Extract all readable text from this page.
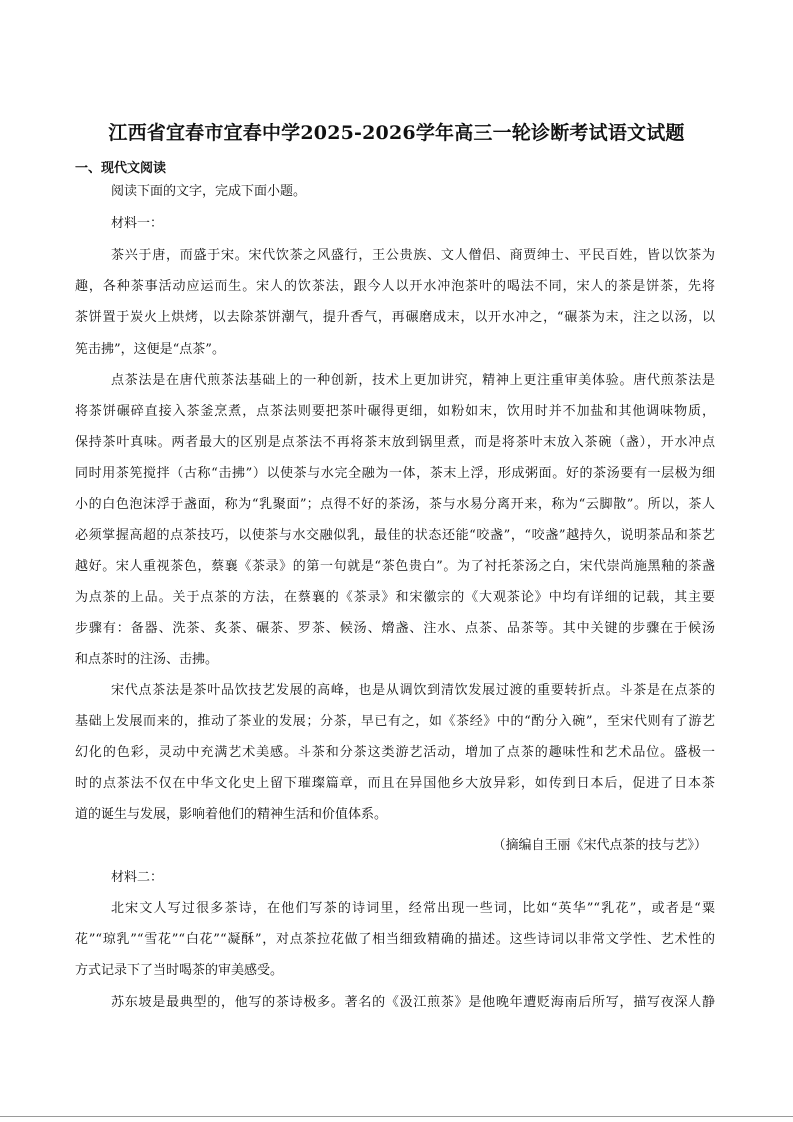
江西省宜春市宜春中学2025-2026学年高三一轮诊断考试语文试题
一、现代文阅读
阅读下面的文字，完成下面小题。
材料一：
茶兴于唐，而盛于宋。宋代饮茶之风盛行，王公贵族、文人僧侣、商贾绅士、平民百姓，皆以饮茶为
趣，各种茶事活动应运而生。宋人的饮茶法，跟今人以开水冲泡茶叶的喝法不同，宋人的茶是饼茶，先将
茶饼置于炭火上烘烤，以去除茶饼潮气，提升香气，再碾磨成末，以开水冲之，“碾茶为末，注之以汤，以
筅击拂”，这便是“点茶”。
点茶法是在唐代煎茶法基础上的一种创新，技术上更加讲究，精神上更注重审美体验。唐代煎茶法是
将茶饼碾碎直接入茶釜烹煮，点茶法则要把茶叶碾得更细，如粉如末，饮用时并不加盐和其他调味物质，
保持茶叶真味。两者最大的区别是点茶法不再将茶末放到锅里煮，而是将茶叶末放入茶碗（盏），开水冲点
同时用茶筅搅拌（古称“击拂”）以使茶与水完全融为一体，茶末上浮，形成粥面。好的茶汤要有一层极为细
小的白色泡沫浮于盏面，称为“乳聚面”；点得不好的茶汤，茶与水易分离开来，称为“云脚散”。所以，茶人
必须掌握高超的点茶技巧，以使茶与水交融似乳，最佳的状态还能“咬盏”，“咬盏”越持久，说明茶品和茶艺
越好。宋人重视茶色，蔡襄《茶录》的第一句就是“茶色贵白”。为了衬托茶汤之白，宋代崇尚施黑釉的茶盏
为点茶的上品。关于点茶的方法，在蔡襄的《茶录》和宋徽宗的《大观茶论》中均有详细的记载，其主要
步骤有：备器、洗茶、炙茶、碾茶、罗茶、候汤、熁盏、注水、点茶、品茶等。其中关键的步骤在于候汤
和点茶时的注汤、击拂。
宋代点茶法是茶叶品饮技艺发展的高峰，也是从调饮到清饮发展过渡的重要转折点。斗茶是在点茶的
基础上发展而来的，推动了茶业的发展；分茶，早已有之，如《茶经》中的“酌分入碗”，至宋代则有了游艺
幻化的色彩，灵动中充满艺术美感。斗茶和分茶这类游艺活动，增加了点茶的趣味性和艺术品位。盛极一
时的点茶法不仅在中华文化史上留下璀璨篇章，而且在异国他乡大放异彩，如传到日本后，促进了日本茶
道的诞生与发展，影响着他们的精神生活和价值体系。
（摘编自王丽《宋代点茶的技与艺》）
材料二：
北宋文人写过很多茶诗，在他们写茶的诗词里，经常出现一些词，比如“英华”“乳花”，或者是“粟
花”“琼乳”“雪花”“白花”“凝酥”，对点茶拉花做了相当细致精确的描述。这些诗词以非常文学性、艺术性的
方式记录下了当时喝茶的审美感受。
苏东坡是最典型的，他写的茶诗极多。著名的《汲江煎茶》是他晚年遭贬海南后所写，描写夜深人静
